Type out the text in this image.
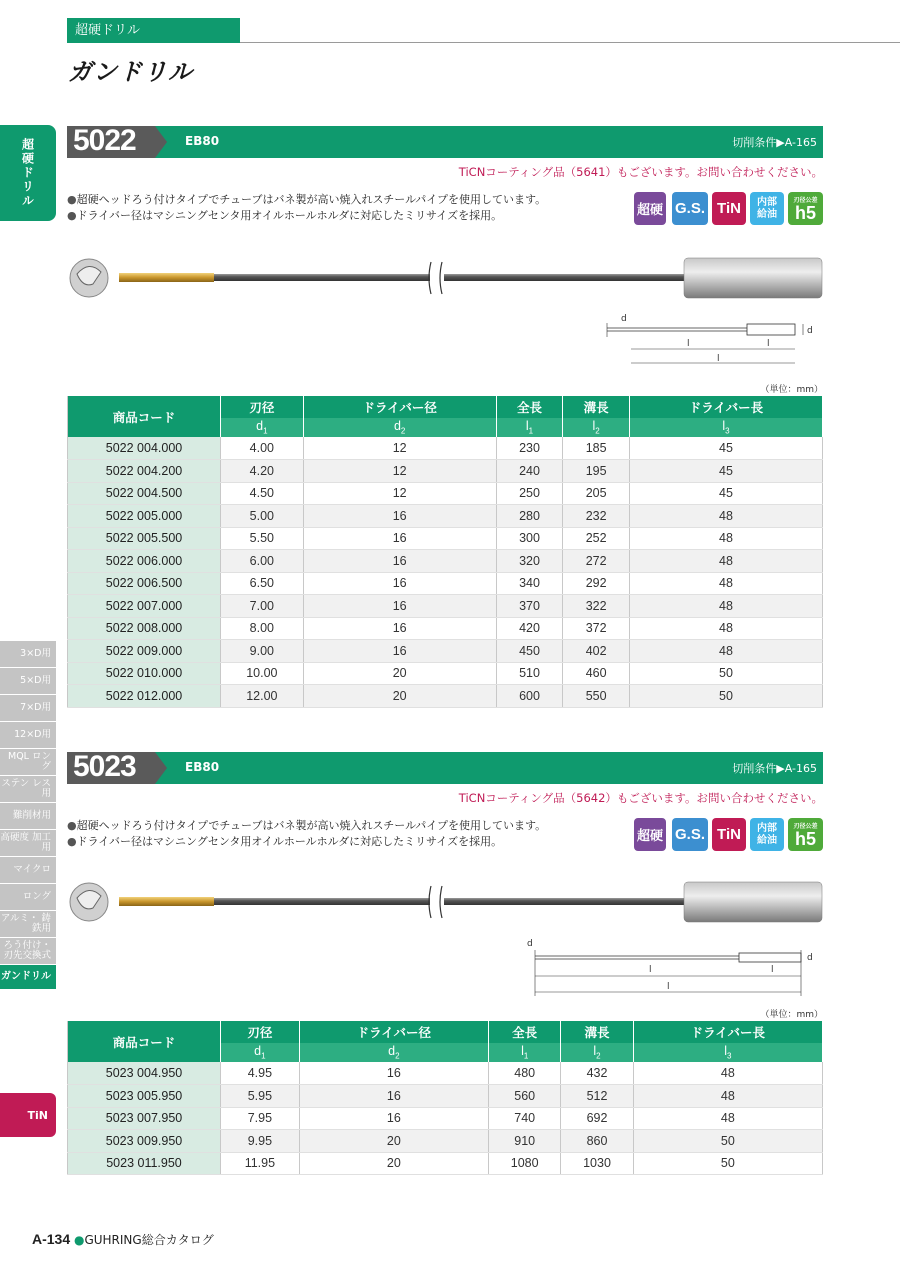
超硬ドリル
ガンドリル
超硬ドリル
3×D用
5×D用
7×D用
12×D用
MQL ロング
ステン レス用
難削材用
高硬度 加工用
マイクロ
ロング
アルミ・ 鋳鉄用
ろう付け・ 刃先交換式
ガンドリル
TiN
5022	EB80	切削条件▶A-165
TiCNコーティング品（5641）もございます。お問い合わせください。
●超硬ヘッドろう付けタイプでチューブはバネ製が高い焼入れスチールパイプを使用しています。
●ドライバー径はマシニングセンタ用オイルホールホルダに対応したミリサイズを採用。	超硬 G.S. TiN	内部
給油
刃径公差
h5
d
d
l	l
l
（単位：mm）
商品コード	刃径	ドライバー径	全長	溝長	ドライバー長
	$d_1$	$d_2$	$l_1$	$l_2$	$l_3$
5022 004.000	4.00	12	230	185	45
5022 004.200	4.20	12	240	195	45
5022 004.500	4.50	12	250	205	45
5022 005.000	5.00	16	280	232	48
5022 005.500	5.50	16	300	252	48
5022 006.000	6.00	16	320	272	48
5022 006.500	6.50	16	340	292	48
5022 007.000	7.00	16	370	322	48
5022 008.000	8.00	16	420	372	48
5022 009.000	9.00	16	450	402	48
5022 010.000	10.00	20	510	460	50
5022 012.000	12.00	20	600	550	50
5023	EB80	切削条件▶A-165
TiCNコーティング品（5642）もございます。お問い合わせください。
●超硬ヘッドろう付けタイプでチューブはバネ製が高い焼入れスチールパイプを使用しています。
●ドライバー径はマシニングセンタ用オイルホールホルダに対応したミリサイズを採用。	超硬 G.S. TiN	内部
給油
刃径公差
h5
d
d
l	l
l
（単位：mm）
商品コード	刃径	ドライバー径	全長	溝長	ドライバー長
	$d_1$	$d_2$	$l_1$	$l_2$	$l_3$
5023 004.950	4.95	16	480	432	48
5023 005.950	5.95	16	560	512	48
5023 007.950	7.95	16	740	692	48
5023 009.950	9.95	20	910	860	50
5023 011.950	11.95	20	1080	1030	50
A-134 ●GUHRING総合カタログ
